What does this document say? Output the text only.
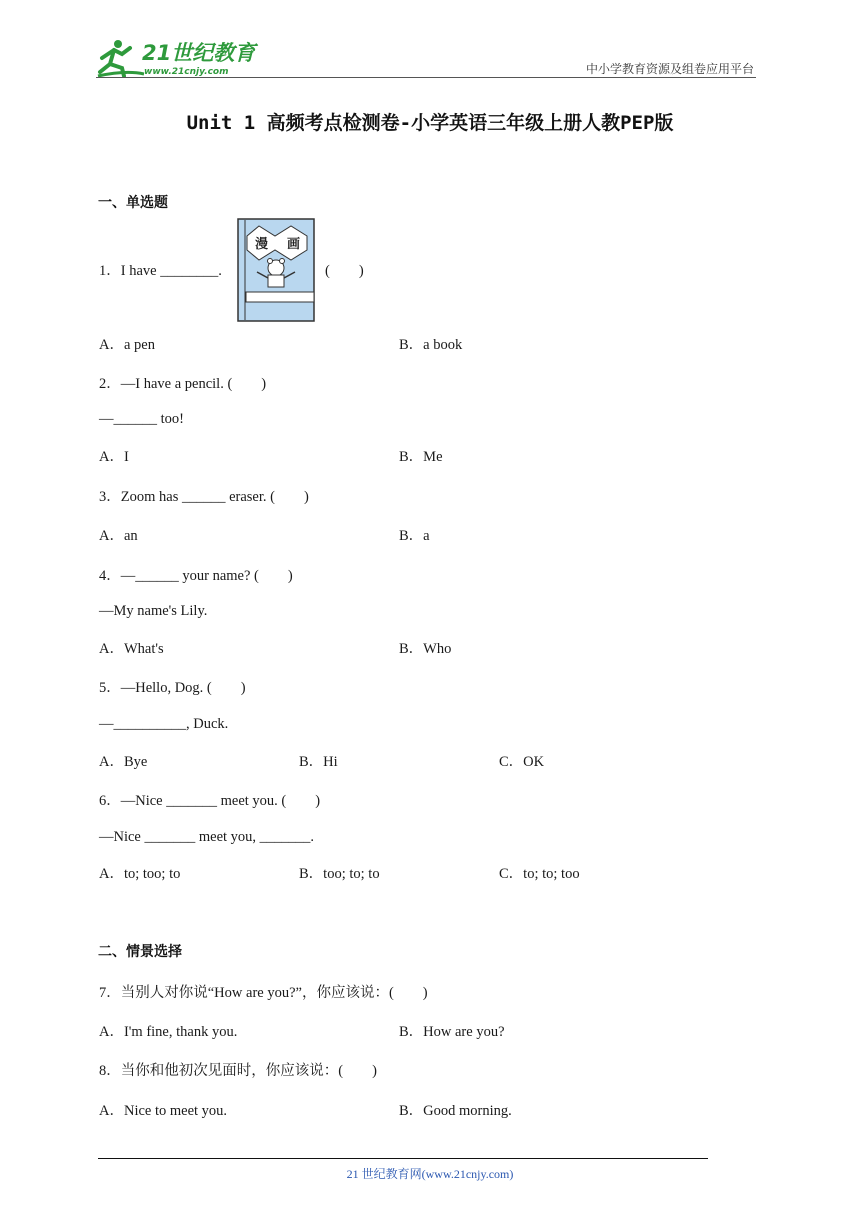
21世纪教育
www.21cnjy.com	中小学教育资源及组卷应用平台
Unit 1 高频考点检测卷-小学英语三年级上册人教PEP版
一、单选题
1．I have ________.	(　　)
漫 画
A．a pen	B．a book
2．—I have a pencil. (　　)
—______ too!
A．I	B．Me
3．Zoom has ______ eraser. (　　)
A．an	B．a
4．—______ your name? (　　)
—My name's Lily.
A．What's	B．Who
5．—Hello, Dog. (　　)
—__________, Duck.
A．Bye	B．Hi	C．OK
6．—Nice _______ meet you. (　　)
—Nice _______ meet you, _______.
A．to; too; to	B．too; to; to	C．to; to; too
二、情景选择
7．当别人对你说“How are you?”，你应该说：(　　)
A．I'm fine, thank you.	B．How are you?
8．当你和他初次见面时，你应该说：(　　)
A．Nice to meet you.	B．Good morning.
21 世纪教育网(www.21cnjy.com)
